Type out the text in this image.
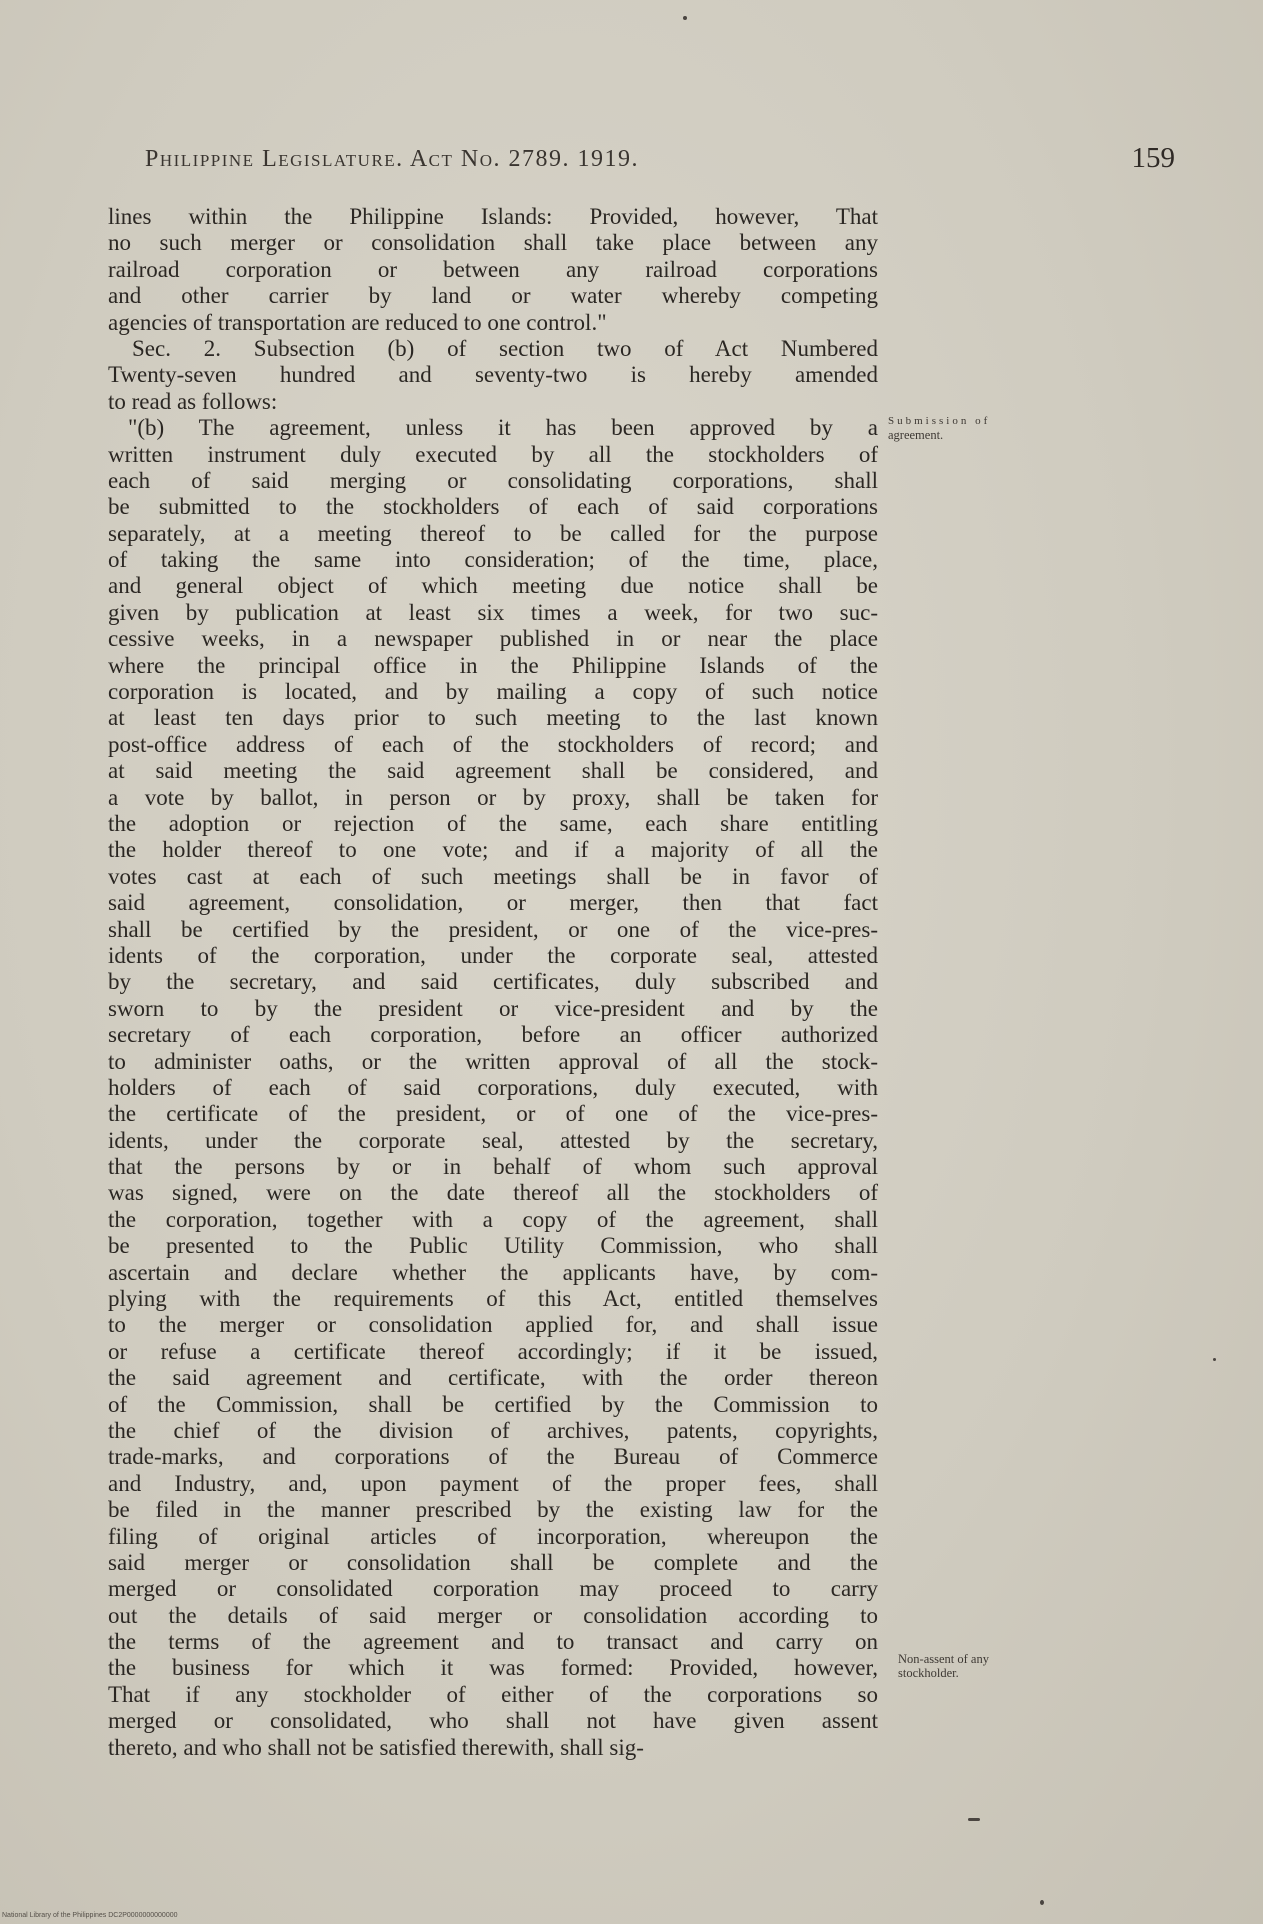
Philippine Legislature. Act No. 2789. 1919.	159
lines within the Philippine Islands: Provided, however, That
no such merger or consolidation shall take place between any
railroad corporation or between any railroad corporations
and other carrier by land or water whereby competing
agencies of transportation are reduced to one control."
Sec. 2. Subsection (b) of section two of Act Numbered
Twenty-seven hundred and seventy-two is hereby amended
to read as follows:
"(b) The agreement, unless it has been approved by a
written instrument duly executed by all the stockholders of
each of said merging or consolidating corporations, shall
be submitted to the stockholders of each of said corporations
separately, at a meeting thereof to be called for the purpose
of taking the same into consideration; of the time, place,
and general object of which meeting due notice shall be
given by publication at least six times a week, for two suc-
cessive weeks, in a newspaper published in or near the place
where the principal office in the Philippine Islands of the
corporation is located, and by mailing a copy of such notice
at least ten days prior to such meeting to the last known
post-office address of each of the stockholders of record; and
at said meeting the said agreement shall be considered, and
a vote by ballot, in person or by proxy, shall be taken for
the adoption or rejection of the same, each share entitling
the holder thereof to one vote; and if a majority of all the
votes cast at each of such meetings shall be in favor of
said agreement, consolidation, or merger, then that fact
shall be certified by the president, or one of the vice-pres-
idents of the corporation, under the corporate seal, attested
by the secretary, and said certificates, duly subscribed and
sworn to by the president or vice-president and by the
secretary of each corporation, before an officer authorized
to administer oaths, or the written approval of all the stock-
holders of each of said corporations, duly executed, with
the certificate of the president, or of one of the vice-pres-
idents, under the corporate seal, attested by the secretary,
that the persons by or in behalf of whom such approval
was signed, were on the date thereof all the stockholders of
the corporation, together with a copy of the agreement, shall
be presented to the Public Utility Commission, who shall
ascertain and declare whether the applicants have, by com-
plying with the requirements of this Act, entitled themselves
to the merger or consolidation applied for, and shall issue
or refuse a certificate thereof accordingly; if it be issued,
the said agreement and certificate, with the order thereon
of the Commission, shall be certified by the Commission to
the chief of the division of archives, patents, copyrights,
trade-marks, and corporations of the Bureau of Commerce
and Industry, and, upon payment of the proper fees, shall
be filed in the manner prescribed by the existing law for the
filing of original articles of incorporation, whereupon the
said merger or consolidation shall be complete and the
merged or consolidated corporation may proceed to carry
out the details of said merger or consolidation according to
the terms of the agreement and to transact and carry on
the business for which it was formed: Provided, however,
That if any stockholder of either of the corporations so
merged or consolidated, who shall not have given assent
thereto, and who shall not be satisfied therewith, shall sig-
Submission of
agreement.
Non-assent of any
stockholder.
National Library of the Philippines DC2P0000000000000
